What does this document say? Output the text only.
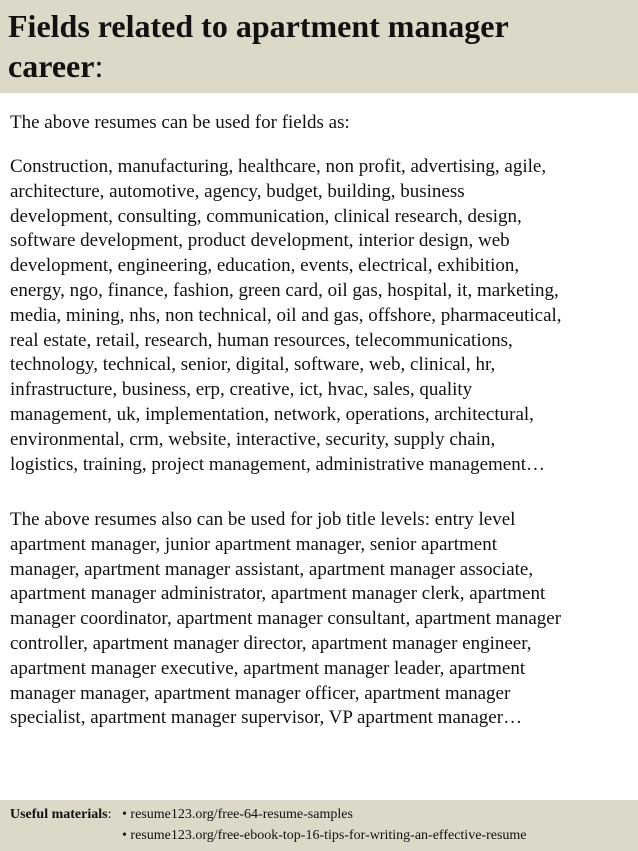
Fields related to apartment manager
career:

The above resumes can be used for fields as:

Construction, manufacturing, healthcare, non profit, advertising, agile,
architecture, automotive, agency, budget, building, business
development, consulting, communication, clinical research, design,
software development, product development, interior design, web
development, engineering, education, events, electrical, exhibition,
energy, ngo, finance, fashion, green card, oil gas, hospital, it, marketing,
media, mining, nhs, non technical, oil and gas, offshore, pharmaceutical,
real estate, retail, research, human resources, telecommunications,
technology, technical, senior, digital, software, web, clinical, hr,
infrastructure, business, erp, creative, ict, hvac, sales, quality
management, uk, implementation, network, operations, architectural,
environmental, crm, website, interactive, security, supply chain,
logistics, training, project management, administrative management…

The above resumes also can be used for job title levels: entry level
apartment manager, junior apartment manager, senior apartment
manager, apartment manager assistant, apartment manager associate,
apartment manager administrator, apartment manager clerk, apartment
manager coordinator, apartment manager consultant, apartment manager
controller, apartment manager director, apartment manager engineer,
apartment manager executive, apartment manager leader, apartment
manager manager, apartment manager officer, apartment manager
specialist, apartment manager supervisor, VP apartment manager…

Useful materials: • resume123.org/free-64-resume-samples
• resume123.org/free-ebook-top-16-tips-for-writing-an-effective-resume
